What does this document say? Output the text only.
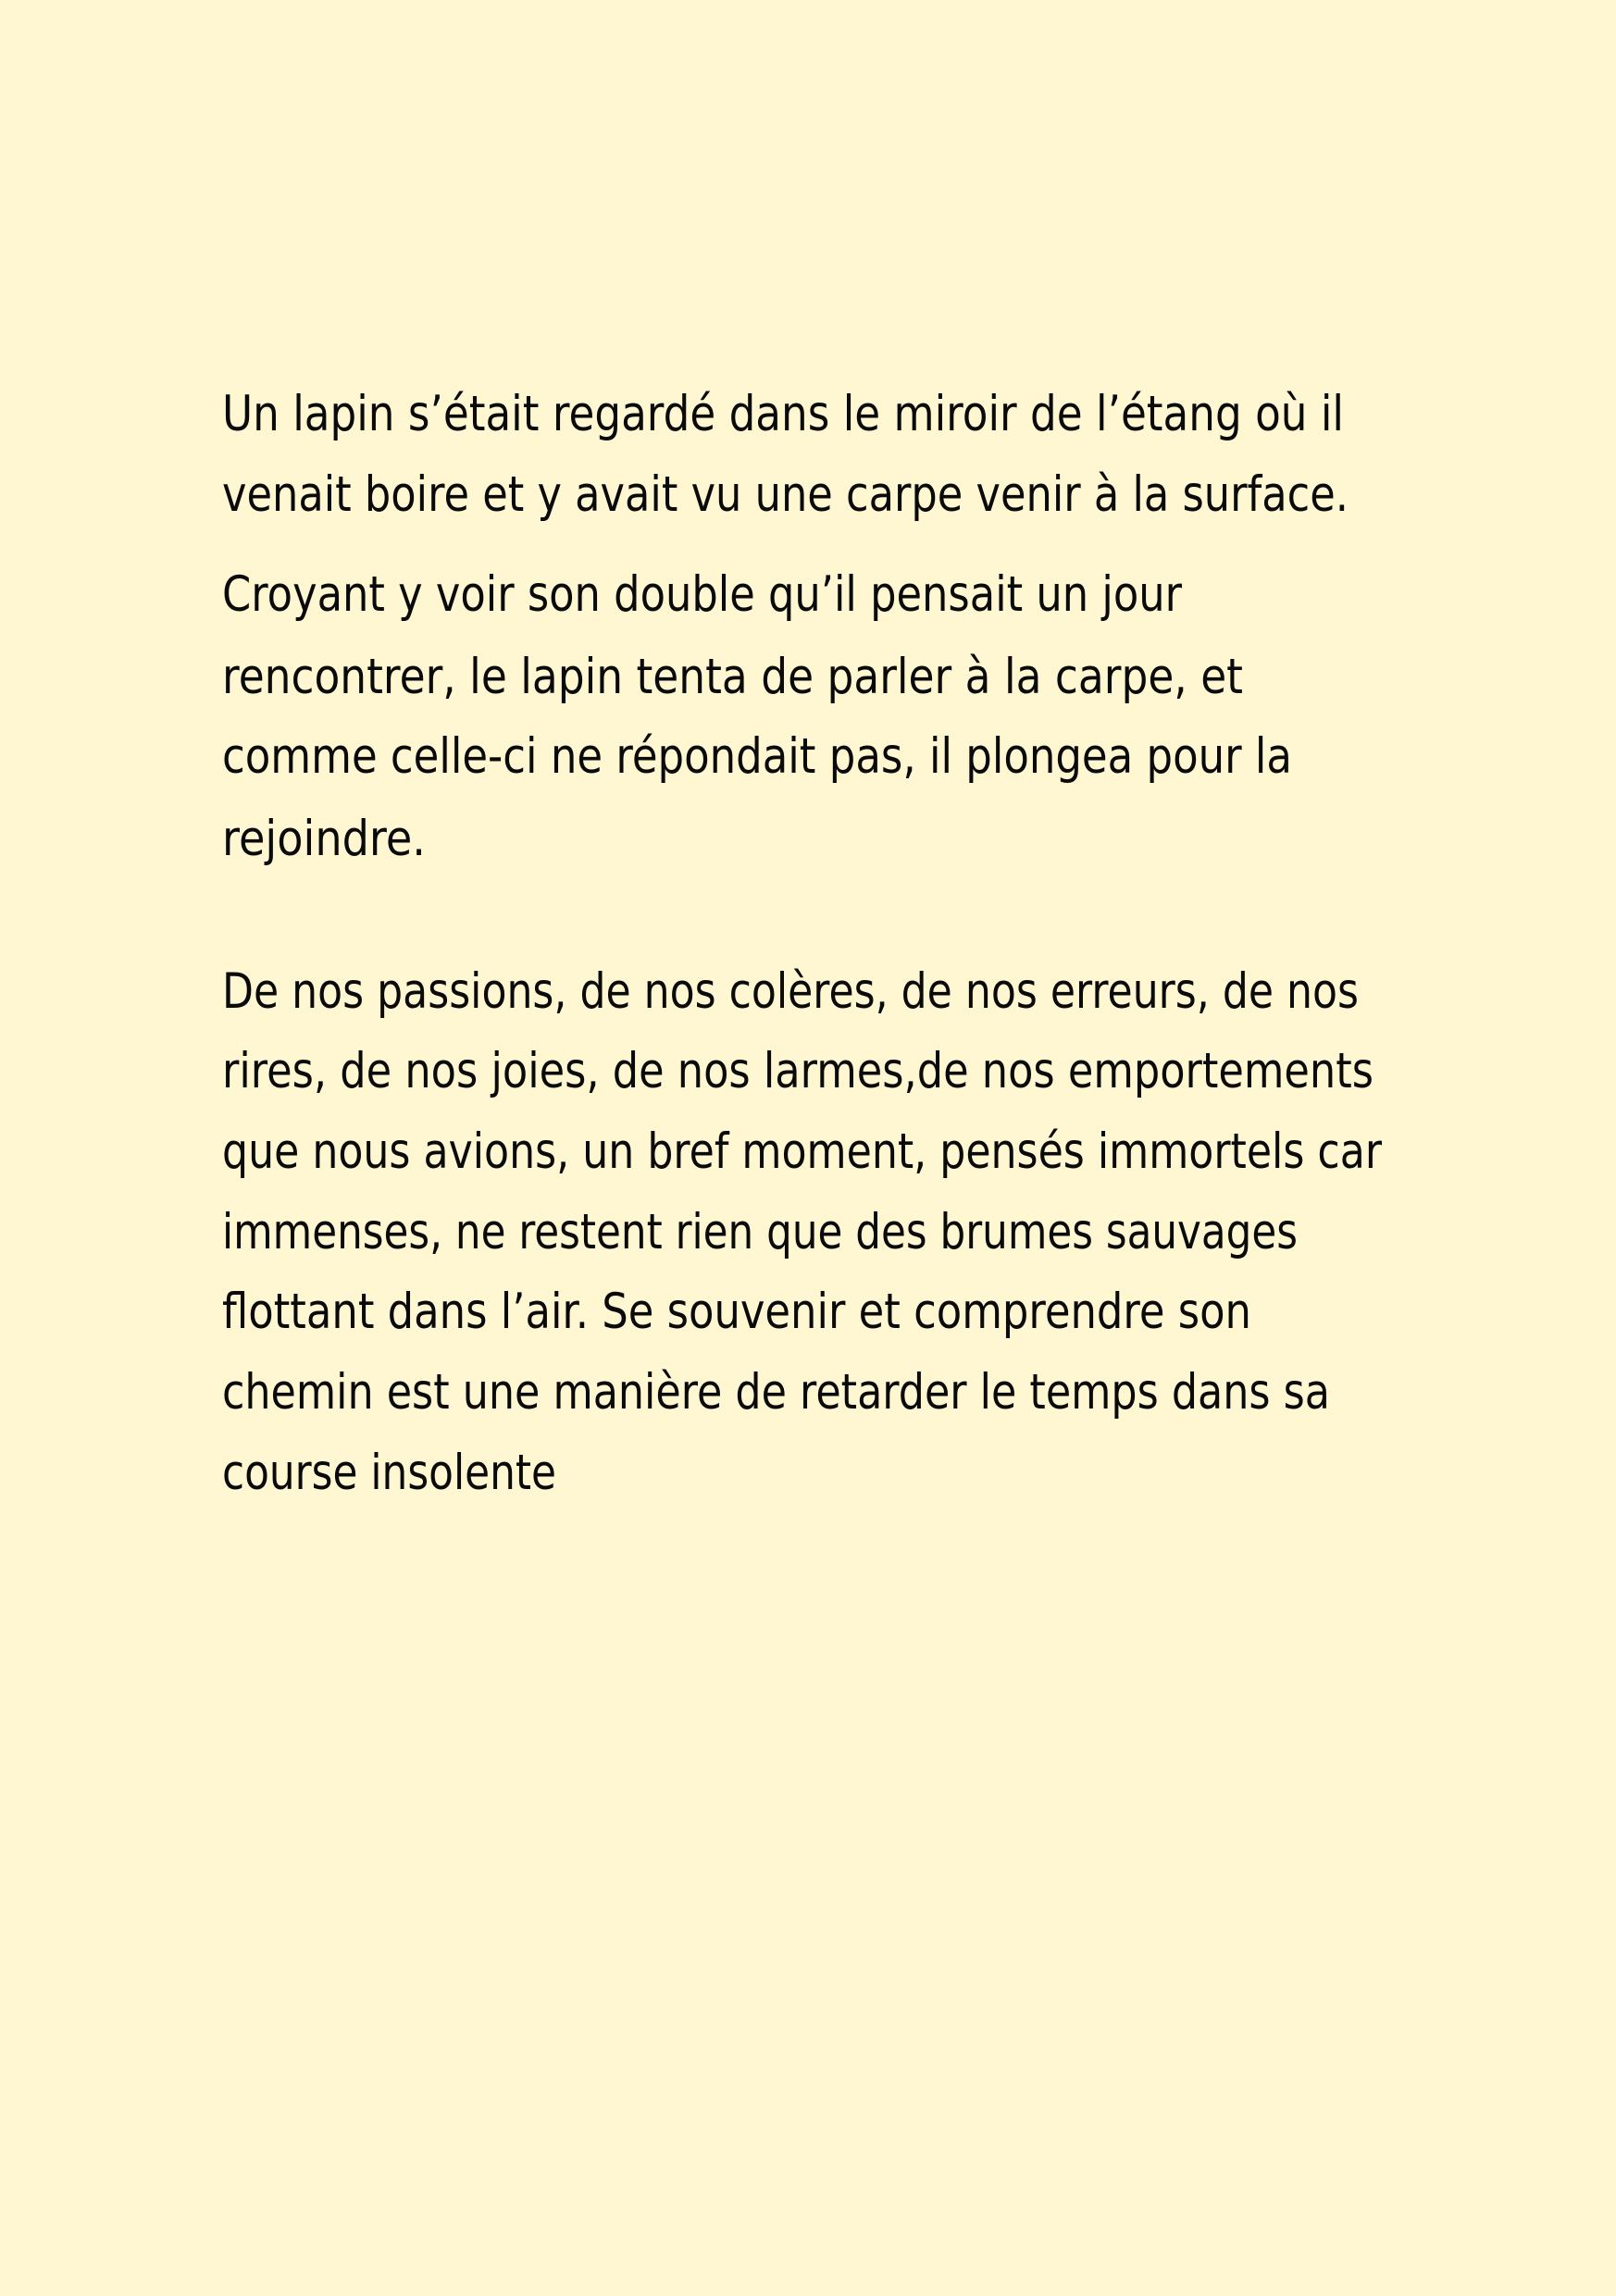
Un lapin s’était regardé dans le miroir de l’étang où il
venait boire et y avait vu une carpe venir à la surface.
Croyant y voir son double qu’il pensait un jour
rencontrer, le lapin tenta de parler à la carpe, et
comme celle-ci ne répondait pas, il plongea pour la
rejoindre.
De nos passions, de nos colères, de nos erreurs, de nos
rires, de nos joies, de nos larmes,de nos emportements
que nous avions, un bref moment, pensés immortels car
immenses, ne restent rien que des brumes sauvages
flottant dans l’air. Se souvenir et comprendre son
chemin est une manière de retarder le temps dans sa
course insolente
